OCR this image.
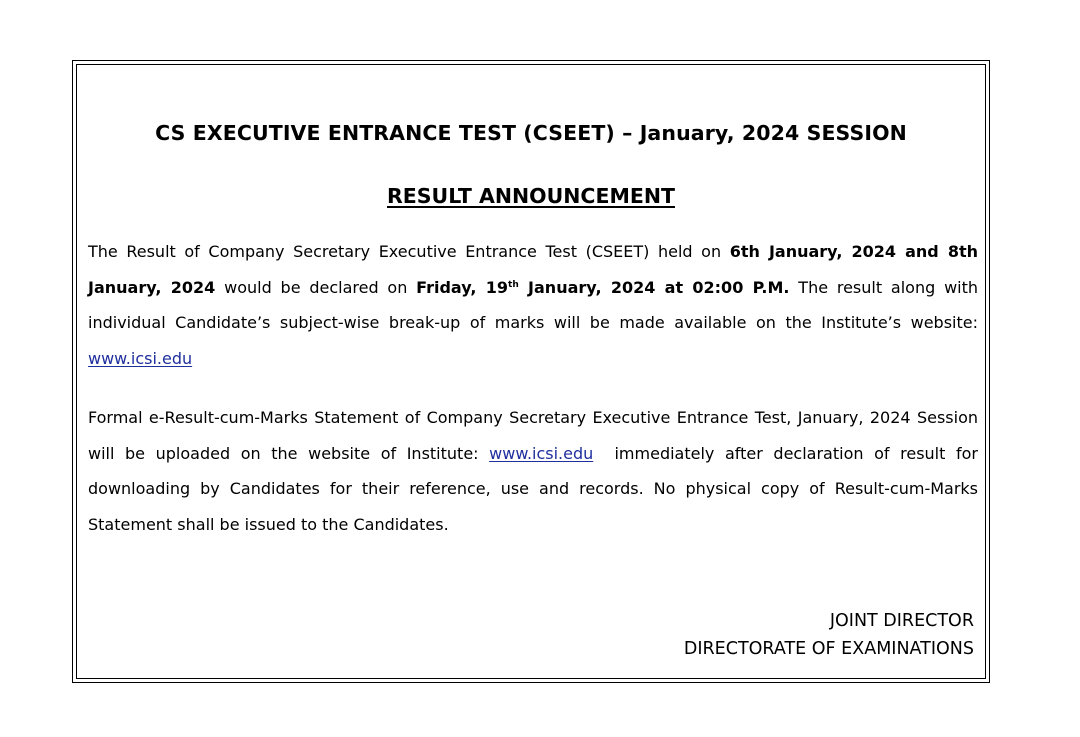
CS EXECUTIVE ENTRANCE TEST (CSEET) – January, 2024 SESSION
RESULT ANNOUNCEMENT
The Result of Company Secretary Executive Entrance Test (CSEET) held on 6th January, 2024 and 8th January, 2024 would be declared on Friday, 19th January, 2024 at 02:00 P.M. The result along with individual Candidate’s subject-wise break-up of marks will be made available on the Institute’s website: www.icsi.edu
Formal e-Result-cum-Marks Statement of Company Secretary Executive Entrance Test, January, 2024 Session will be uploaded on the website of Institute: www.icsi.edu  immediately after declaration of result for downloading by Candidates for their reference, use and records. No physical copy of Result-cum-Marks Statement shall be issued to the Candidates.
JOINT DIRECTOR
DIRECTORATE OF EXAMINATIONS
